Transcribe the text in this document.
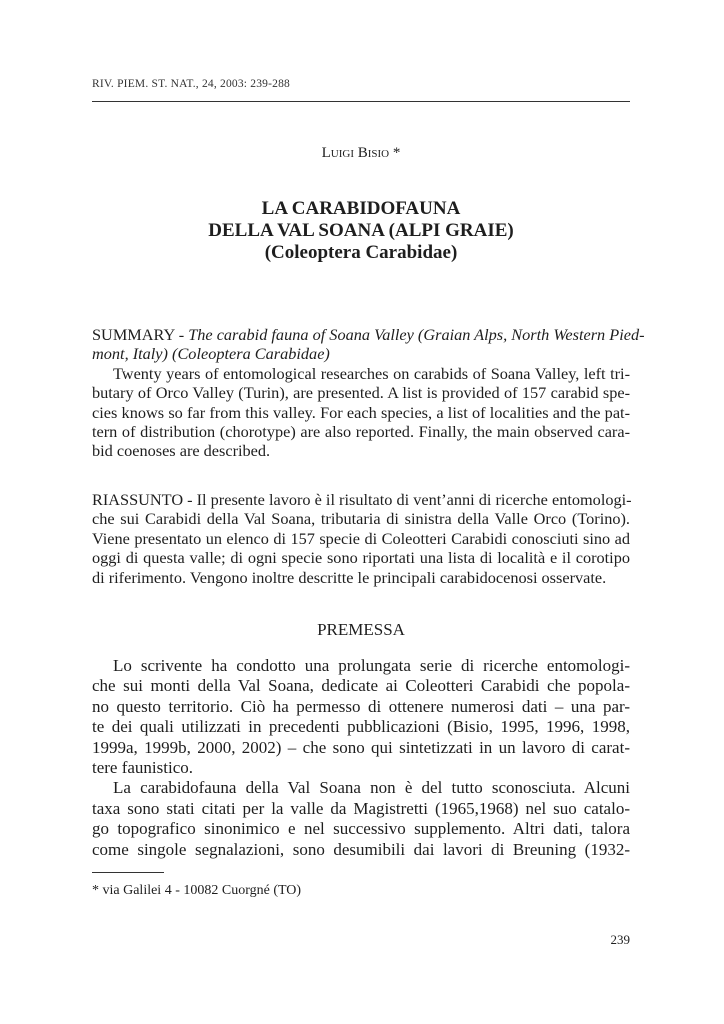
RIV. PIEM. ST. NAT., 24, 2003: 239-288
Luigi Bisio *
LA CARABIDOFAUNA
DELLA VAL SOANA (ALPI GRAIE)
(Coleoptera Carabidae)
SUMMARY - The carabid fauna of Soana Valley (Graian Alps, North Western Pied-
mont, Italy) (Coleoptera Carabidae)
Twenty years of entomological researches on carabids of Soana Valley, left tri-
butary of Orco Valley (Turin), are presented. A list is provided of 157 carabid spe-
cies knows so far from this valley. For each species, a list of localities and the pat-
tern of distribution (chorotype) are also reported. Finally, the main observed cara-
bid coenoses are described.
RIASSUNTO - Il presente lavoro è il risultato di vent’anni di ricerche entomologi-
che sui Carabidi della Val Soana, tributaria di sinistra della Valle Orco (Torino).
Viene presentato un elenco di 157 specie di Coleotteri Carabidi conosciuti sino ad
oggi di questa valle; di ogni specie sono riportati una lista di località e il corotipo
di riferimento. Vengono inoltre descritte le principali carabidocenosi osservate.
PREMESSA
Lo scrivente ha condotto una prolungata serie di ricerche entomologi-
che sui monti della Val Soana, dedicate ai Coleotteri Carabidi che popola-
no questo territorio. Ciò ha permesso di ottenere numerosi dati – una par-
te dei quali utilizzati in precedenti pubblicazioni (Bisio, 1995, 1996, 1998,
1999a, 1999b, 2000, 2002) – che sono qui sintetizzati in un lavoro di carat-
tere faunistico.
La carabidofauna della Val Soana non è del tutto sconosciuta. Alcuni
taxa sono stati citati per la valle da Magistretti (1965,1968) nel suo catalo-
go topografico sinonimico e nel successivo supplemento. Altri dati, talora
come singole segnalazioni, sono desumibili dai lavori di Breuning (1932-
* via Galilei 4 - 10082 Cuorgné (TO)
239
